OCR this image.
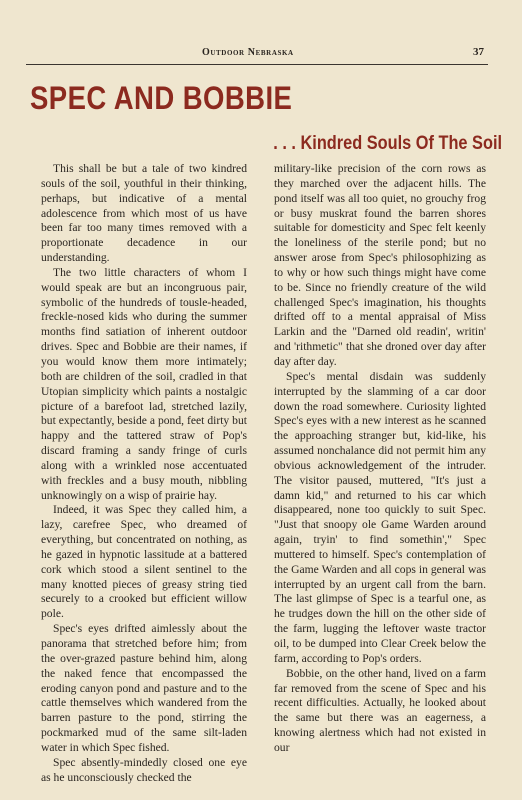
Outdoor Nebraska	37
SPEC AND BOBBIE
. . . Kindred Souls Of The Soil

This shall be but a tale of two kindred souls of the soil, youthful in their thinking, perhaps, but indicative of a mental adolescence from which most of us have been far too many times removed with a proportionate decadence in our understanding.

The two little characters of whom I would speak are but an incongruous pair, symbolic of the hundreds of tousle-headed, freckle-nosed kids who during the summer months find satiation of inherent outdoor drives. Spec and Bobbie are their names, if you would know them more intimately; both are children of the soil, cradled in that Utopian simplicity which paints a nostalgic picture of a barefoot lad, stretched lazily, but expectantly, beside a pond, feet dirty but happy and the tattered straw of Pop's discard framing a sandy fringe of curls along with a wrinkled nose accentuated with freckles and a busy mouth, nibbling unknowingly on a wisp of prairie hay.

Indeed, it was Spec they called him, a lazy, carefree Spec, who dreamed of everything, but concentrated on nothing, as he gazed in hypnotic lassitude at a battered cork which stood a silent sentinel to the many knotted pieces of greasy string tied securely to a crooked but efficient willow pole.

Spec's eyes drifted aimlessly about the panorama that stretched before him; from the over-grazed pasture behind him, along the naked fence that encompassed the eroding canyon pond and pasture and to the cattle themselves which wandered from the barren pasture to the pond, stirring the pockmarked mud of the same silt-laden water in which Spec fished.

Spec absently-mindedly closed one eye as he unconsciously checked the

military-like precision of the corn rows as they marched over the adjacent hills. The pond itself was all too quiet, no grouchy frog or busy muskrat found the barren shores suitable for domesticity and Spec felt keenly the loneliness of the sterile pond; but no answer arose from Spec's philosophizing as to why or how such things might have come to be. Since no friendly creature of the wild challenged Spec's imagination, his thoughts drifted off to a mental appraisal of Miss Larkin and the "Darned old readin', writin' and 'rithmetic" that she droned over day after day after day.

Spec's mental disdain was suddenly interrupted by the slamming of a car door down the road somewhere. Curiosity lighted Spec's eyes with a new interest as he scanned the approaching stranger but, kid-like, his assumed nonchalance did not permit him any obvious acknowledgement of the intruder. The visitor paused, muttered, "It's just a damn kid," and returned to his car which disappeared, none too quickly to suit Spec. "Just that snoopy ole Game Warden around again, tryin' to find somethin'," Spec muttered to himself. Spec's contemplation of the Game Warden and all cops in general was interrupted by an urgent call from the barn. The last glimpse of Spec is a tearful one, as he trudges down the hill on the other side of the farm, lugging the leftover waste tractor oil, to be dumped into Clear Creek below the farm, according to Pop's orders.

Bobbie, on the other hand, lived on a farm far removed from the scene of Spec and his recent difficulties. Actually, he looked about the same but there was an eagerness, a knowing alertness which had not existed in our
